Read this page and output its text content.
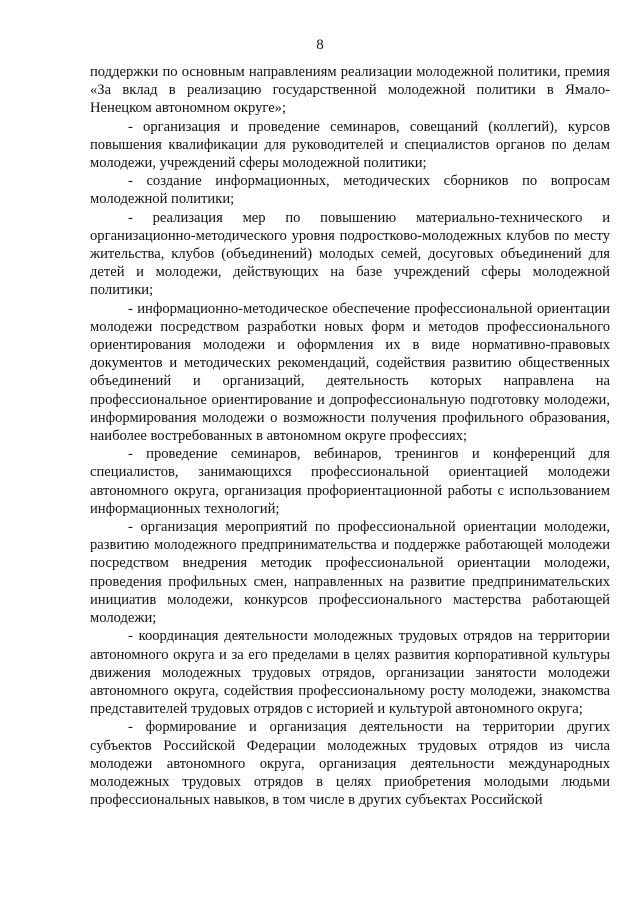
8

поддержки по основным направлениям реализации молодежной политики, премия «За вклад в реализацию государственной молодежной политики в Ямало-Ненецком автономном округе»;

- организация и проведение семинаров, совещаний (коллегий), курсов повышения квалификации для руководителей и специалистов органов по делам молодежи, учреждений сферы молодежной политики;

- создание информационных, методических сборников по вопросам молодежной политики;

- реализация мер по повышению материально-технического и организационно-методического уровня подростково-молодежных клубов по месту жительства, клубов (объединений) молодых семей, досуговых объединений для детей и молодежи, действующих на базе учреждений сферы молодежной политики;

- информационно-методическое обеспечение профессиональной ориентации молодежи посредством разработки новых форм и методов профессионального ориентирования молодежи и оформления их в виде нормативно-правовых документов и методических рекомендаций, содействия развитию общественных объединений и организаций, деятельность которых направлена на профессиональное ориентирование и допрофессиональную подготовку молодежи, информирования молодежи о возможности получения профильного образования, наиболее востребованных в автономном округе профессиях;

- проведение семинаров, вебинаров, тренингов и конференций для специалистов, занимающихся профессиональной ориентацией молодежи автономного округа, организация профориентационной работы с использованием информационных технологий;

- организация мероприятий по профессиональной ориентации молодежи, развитию молодежного предпринимательства и поддержке работающей молодежи посредством внедрения методик профессиональной ориентации молодежи, проведения профильных смен, направленных на развитие предпринимательских инициатив молодежи, конкурсов профессионального мастерства работающей молодежи;

- координация деятельности молодежных трудовых отрядов на территории автономного округа и за его пределами в целях развития корпоративной культуры движения молодежных трудовых отрядов, организации занятости молодежи автономного округа, содействия профессиональному росту молодежи, знакомства представителей трудовых отрядов с историей и культурой автономного округа;

- формирование и организация деятельности на территории других субъектов Российской Федерации молодежных трудовых отрядов из числа молодежи автономного округа, организация деятельности международных молодежных трудовых отрядов в целях приобретения молодыми людьми профессиональных навыков, в том числе в других субъектах Российской
